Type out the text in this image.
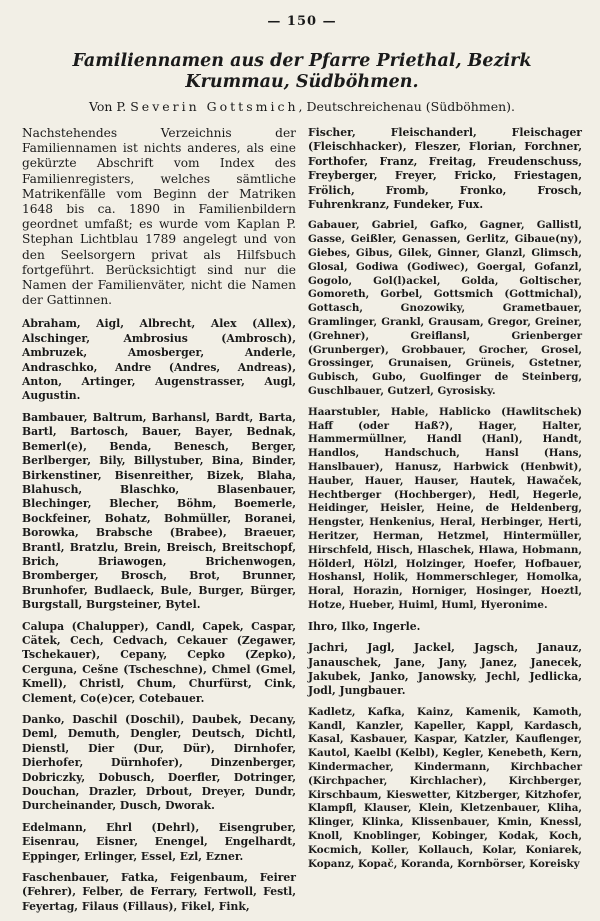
— 150 —
Familiennamen aus der Pfarre Priethal, Bezirk
Krummau, Südböhmen.
Von P. Severin Gottsmich, Deutschreichenau (Südböhmen).

Nachstehendes Verzeichnis der Familiennamen ist nichts anderes, als eine gekürzte Abschrift vom Index des Familienregisters, welches sämtliche Matrikenfälle vom Beginn der Matriken 1648 bis ca. 1890 in Familienbildern geordnet umfaßt; es wurde vom Kaplan P. Stephan Lichtblau 1789 angelegt und von den Seelsorgern privat als Hilfsbuch fortgeführt. Berücksichtigt sind nur die Namen der Familienväter, nicht die Namen der Gattinnen.

Abraham, Aigl, Albrecht, Alex (Allex), Alschinger, Ambrosius (Ambrosch), Ambruzek, Amosberger, Anderle, Andraschko, Andre (Andres, Andreas), Anton, Artinger, Augenstrasser, Augl, Augustin.

Bambauer, Baltrum, Barhansl, Bardt, Barta, Bartl, Bartosch, Bauer, Bayer, Bednak, Bemerl(e), Benda, Benesch, Berger, Berlberger, Bily, Billystuber, Bina, Binder, Birkenstiner, Bisenreither, Bizek, Blaha, Blahusch, Blaschko, Blasenbauer, Blechinger, Blecher, Böhm, Boemerle, Bockfeiner, Bohatz, Bohmüller, Boranei, Borowka, Brabsche (Brabee), Braeuer, Brantl, Bratzlu, Brein, Breisch, Breitschopf, Brich, Briawogen, Brichenwogen, Bromberger, Brosch, Brot, Brunner, Brunhofer, Budlaeck, Bule, Burger, Bürger, Burgstall, Burgsteiner, Bytel.

Calupa (Chalupper), Candl, Capek, Caspar, Cätek, Cech, Cedvach, Cekauer (Zegawer, Tschekauer), Cepany, Cepko (Zepko), Cerguna, Cešne (Tscheschne), Chmel (Gmel, Kmell), Christl, Chum, Churfürst, Cink, Clement, Co(e)cer, Cotebauer.

Danko, Daschil (Doschil), Daubek, Decany, Deml, Demuth, Dengler, Deutsch, Dichtl, Dienstl, Dier (Dur, Dür), Dirnhofer, Dierhofer, Dürnhofer), Dinzenberger, Dobriczky, Dobusch, Doerfler, Dotringer, Douchan, Drazler, Drbout, Dreyer, Dundr, Durcheinander, Dusch, Dworak.

Edelmann, Ehrl (Dehrl), Eisengruber, Eisenrau, Eisner, Enengel, Engelhardt, Eppinger, Erlinger, Essel, Ezl, Ezner.

Faschenbauer, Fatka, Feigenbaum, Feirer (Fehrer), Felber, de Ferrary, Fertwoll, Festl, Feyertag, Filaus (Fillaus), Fikel, Fink,

Fischer, Fleischanderl, Fleischager (Fleischhacker), Fleszer, Florian, Forchner, Forthofer, Franz, Freitag, Freudenschuss, Freyberger, Freyer, Fricko, Friestagen, Frölich, Fromb, Fronko, Frosch, Fuhrenkranz, Fundeker, Fux.

Gabauer, Gabriel, Gafko, Gagner, Gallistl, Gasse, Geißler, Genassen, Gerlitz, Gibaue(ny), Giebes, Gibus, Gilek, Ginner, Glanzl, Glimsch, Glosal, Godiwa (Godiwec), Goergal, Gofanzl, Gogolo, Gol(l)ackel, Golda, Goltischer, Gomoreth, Gorbel, Gottsmich (Gottmichal), Gottasch, Gnozowiky, Grametbauer, Gramlinger, Grankl, Grausam, Gregor, Greiner, (Grehner), Greiflansl, Grienberger (Grunberger), Grobbauer, Grocher, Grosel, Grossinger, Grunaisen, Grüneis, Gstetner, Gubisch, Gubo, Guolfinger de Steinberg, Guschlbauer, Gutzerl, Gyrosisky.

Haarstubler, Hable, Hablicko (Hawlitschek) Haff (oder Haß?), Hager, Halter, Hammermüllner, Handl (Hanl), Handt, Handlos, Handschuch, Hansl (Hans, Hanslbauer), Hanusz, Harbwick (Henbwit), Hauber, Hauer, Hauser, Hautek, Hawaček, Hechtberger (Hochberger), Hedl, Hegerle, Heidinger, Heisler, Heine, de Heldenberg, Hengster, Henkenius, Heral, Herbinger, Herti, Heritzer, Herman, Hetzmel, Hintermüller, Hirschfeld, Hisch, Hlaschek, Hlawa, Hobmann, Hölderl, Hölzl, Holzinger, Hoefer, Hofbauer, Hoshansl, Holik, Hommerschleger, Homolka, Horal, Horazin, Horniger, Hosinger, Hoeztl, Hotze, Hueber, Huiml, Huml, Hyeronime.

Ihro, Ilko, Ingerle.

Jachri, Jagl, Jackel, Jagsch, Janauz, Janauschek, Jane, Jany, Janez, Janecek, Jakubek, Janko, Janowsky, Jechl, Jedlicka, Jodl, Jungbauer.

Kadletz, Kafka, Kainz, Kamenik, Kamoth, Kandl, Kanzler, Kapeller, Kappl, Kardasch, Kasal, Kasbauer, Kaspar, Katzler, Kauflenger, Kautol, Kaelbl (Kelbl), Kegler, Kenebeth, Kern, Kindermacher, Kindermann, Kirchbacher (Kirchpacher, Kirchlacher), Kirchberger, Kirschbaum, Kieswetter, Kitzberger, Kitzhofer, Klampfl, Klauser, Klein, Kletzenbauer, Kliha, Klinger, Klinka, Klissenbauer, Kmin, Knessl, Knoll, Knoblinger, Kobinger, Kodak, Koch, Kocmich, Koller, Kollauch, Kolar, Koniarek, Kopanz, Kopač, Koranda, Kornbörser, Koreisky
